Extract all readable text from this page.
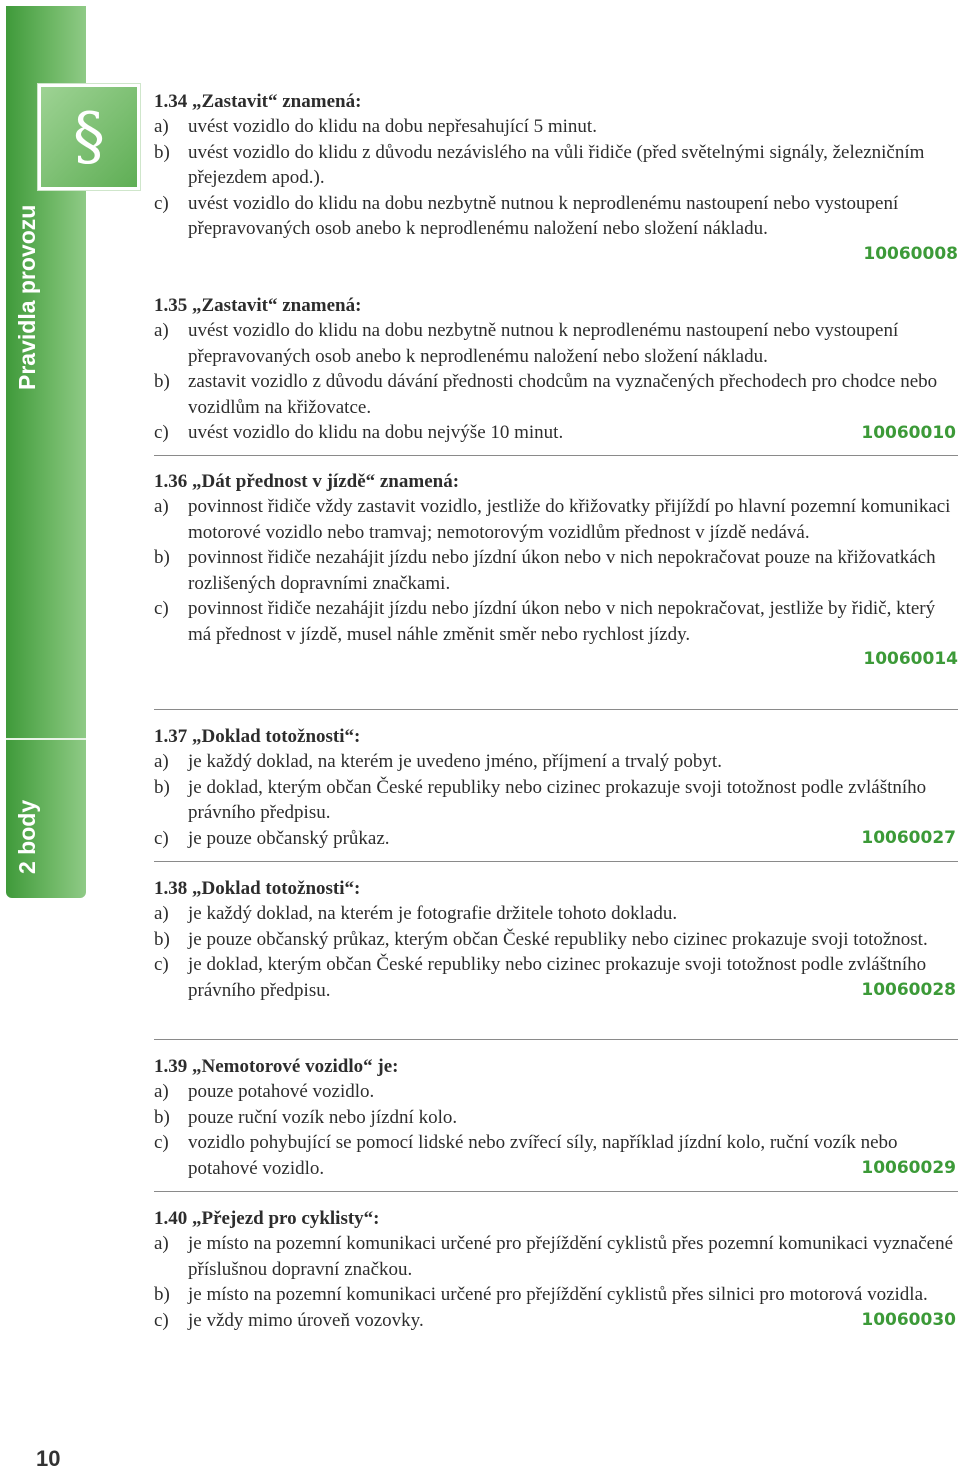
Pravidla provozu
2 body
§	1.34 „Zastavit“ znamená:
a) uvést vozidlo do klidu na dobu nepřesahující 5 minut.
b) uvést vozidlo do klidu z důvodu nezávislého na vůli řidiče (před světelnými signály, železničním přejezdem apod.).
c) uvést vozidlo do klidu na dobu nezbytně nutnou k neprodlenému nastoupení nebo vystoupení přepravovaných osob anebo k neprodlenému naložení nebo složení nákladu.
10060008
1.35 „Zastavit“ znamená:
a) uvést vozidlo do klidu na dobu nezbytně nutnou k neprodlenému nastoupení nebo vystoupení přepravovaných osob anebo k neprodlenému naložení nebo složení nákladu.
b) zastavit vozidlo z důvodu dávání přednosti chodcům na vyznačených přechodech pro chodce nebo vozidlům na křižovatce.
c) uvést vozidlo do klidu na dobu nejvýše 10 minut.	10060010
1.36 „Dát přednost v jízdě“ znamená:
a) povinnost řidiče vždy zastavit vozidlo, jestliže do křižovatky přijíždí po hlavní pozemní komunikaci motorové vozidlo nebo tramvaj; nemotorovým vozidlům přednost v jízdě nedává.
b) povinnost řidiče nezahájit jízdu nebo jízdní úkon nebo v nich nepokračovat pouze na křižovatkách rozlišených dopravními značkami.
c) povinnost řidiče nezahájit jízdu nebo jízdní úkon nebo v nich nepokračovat, jestliže by řidič, který má přednost v jízdě, musel náhle změnit směr nebo rychlost jízdy.
10060014
1.37 „Doklad totožnosti“:
a) je každý doklad, na kterém je uvedeno jméno, příjmení a trvalý pobyt.
b) je doklad, kterým občan České republiky nebo cizinec prokazuje svoji totožnost podle zvláštního právního předpisu.
c) je pouze občanský průkaz.	10060027
1.38 „Doklad totožnosti“:
a) je každý doklad, na kterém je fotografie držitele tohoto dokladu.
b) je pouze občanský průkaz, kterým občan České republiky nebo cizinec prokazuje svoji totožnost.
c) je doklad, kterým občan České republiky nebo cizinec prokazuje svoji totožnost podle zvláštního právního předpisu.	10060028
1.39 „Nemotorové vozidlo“ je:
a) pouze potahové vozidlo.
b) pouze ruční vozík nebo jízdní kolo.
c) vozidlo pohybující se pomocí lidské nebo zvířecí síly, například jízdní kolo, ruční vozík nebo potahové vozidlo.	10060029
1.40 „Přejezd pro cyklisty“:
a) je místo na pozemní komunikaci určené pro přejíždění cyklistů přes pozemní komunikaci vyznačené příslušnou dopravní značkou.
b) je místo na pozemní komunikaci určené pro přejíždění cyklistů přes silnici pro motorová vozidla.
c) je vždy mimo úroveň vozovky.	10060030
10
